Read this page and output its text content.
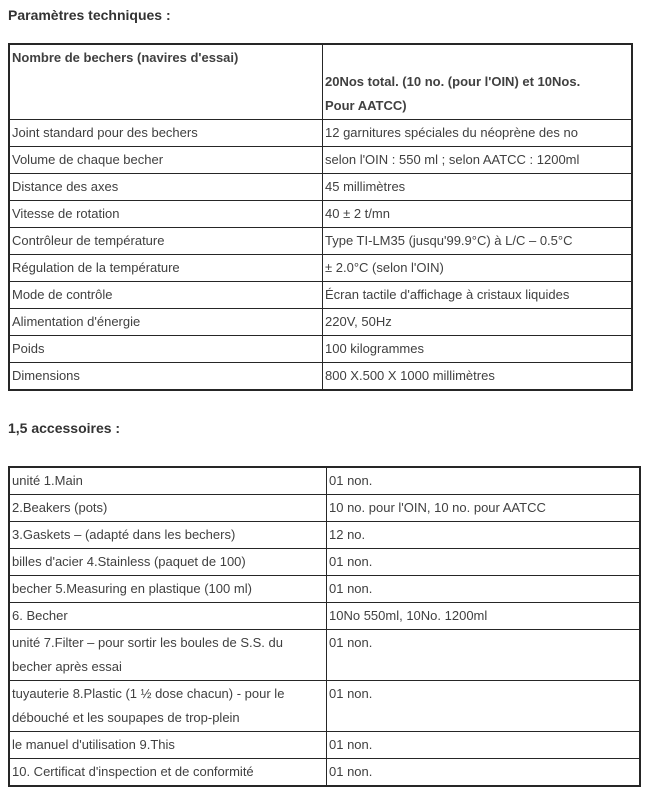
Paramètres techniques :
Nombre de bechers (navires d'essai)	20Nos total. (10 no. (pour l'OIN) et 10Nos.
Pour AATCC)

Joint standard pour des bechers	12 garnitures spéciales du néoprène des no
Volume de chaque becher	selon l'OIN : 550 ml ; selon AATCC : 1200ml
Distance des axes	45 millimètres
Vitesse de rotation	40 ± 2 t/mn
Contrôleur de température	Type TI-LM35 (jusqu'99.9°C) à L/C – 0.5°C
Régulation de la température	± 2.0°C (selon l'OIN)
Mode de contrôle	Écran tactile d'affichage à cristaux liquides
Alimentation d'énergie	220V, 50Hz
Poids	100 kilogrammes
Dimensions	800 X.500 X 1000 millimètres
1,5 accessoires :
unité 1.Main	01 non.
2.Beakers (pots)	10 no. pour l'OIN, 10 no. pour AATCC
3.Gaskets – (adapté dans les bechers)	12 no.
billes d'acier 4.Stainless (paquet de 100)	01 non.
becher 5.Measuring en plastique (100 ml)	01 non.
6. Becher	10No 550ml, 10No. 1200ml
unité 7.Filter – pour sortir les boules de S.S. du becher après essai	01 non.
tuyauterie 8.Plastic (1 ½ dose chacun) - pour le débouché et les soupapes de trop-plein	01 non.
le manuel d'utilisation 9.This	01 non.
10. Certificat d'inspection et de conformité	01 non.
